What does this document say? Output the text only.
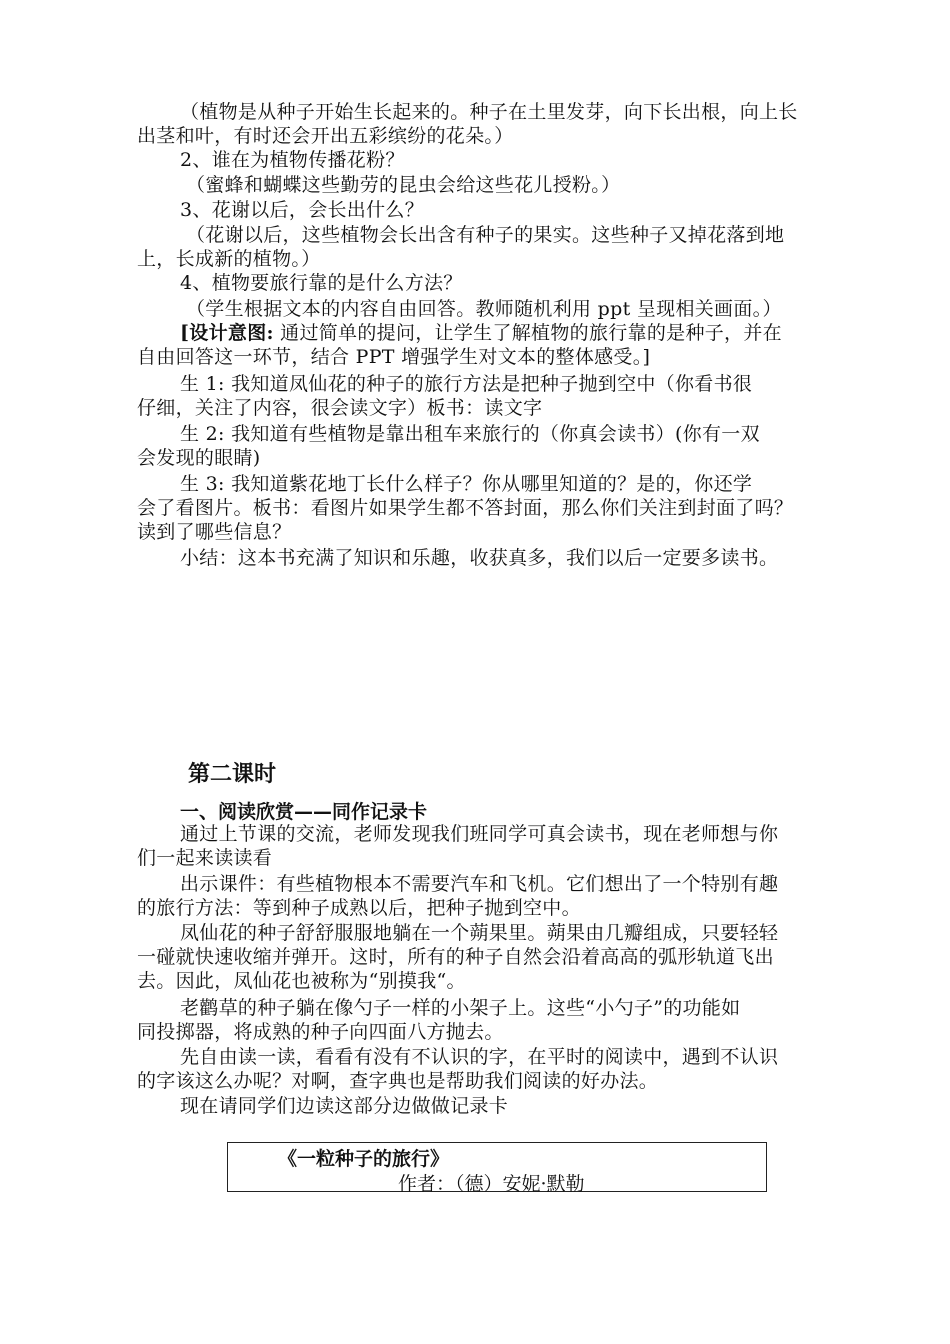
（植物是从种子开始生长起来的。种子在土里发芽，向下长出根，向上长
出茎和叶，有时还会开出五彩缤纷的花朵。）
2、谁在为植物传播花粉？
（蜜蜂和蝴蝶这些勤劳的昆虫会给这些花儿授粉。）
3、花谢以后，会长出什么？
（花谢以后，这些植物会长出含有种子的果实。这些种子又掉花落到地
上，长成新的植物。）
4、植物要旅行靠的是什么方法？
（学生根据文本的内容自由回答。教师随机利用 ppt 呈现相关画面。）
[设计意图: 通过简单的提问，让学生了解植物的旅行靠的是种子，并在
自由回答这一环节，结合 PPT 增强学生对文本的整体感受。]
生 1: 我知道凤仙花的种子的旅行方法是把种子抛到空中（你看书很
仔细，关注了内容，很会读文字）板书：读文字
生 2: 我知道有些植物是靠出租车来旅行的（你真会读书）(你有一双
会发现的眼睛)
生 3: 我知道紫花地丁长什么样子？你从哪里知道的？是的，你还学
会了看图片。板书：看图片如果学生都不答封面，那么你们关注到封面了吗？
读到了哪些信息？
小结：这本书充满了知识和乐趣，收获真多，我们以后一定要多读书。
第二课时
一、阅读欣赏——同作记录卡
通过上节课的交流，老师发现我们班同学可真会读书，现在老师想与你
们一起来读读看
出示课件：有些植物根本不需要汽车和飞机。它们想出了一个特别有趣
的旅行方法：等到种子成熟以后，把种子抛到空中。
凤仙花的种子舒舒服服地躺在一个蒴果里。蒴果由几瓣组成，只要轻轻
一碰就快速收缩并弹开。这时，所有的种子自然会沿着高高的弧形轨道飞出
去。因此，凤仙花也被称为“别摸我“。
老鹳草的种子躺在像勺子一样的小架子上。这些“小勺子”的功能如
同投掷器，将成熟的种子向四面八方抛去。
先自由读一读，看看有没有不认识的字，在平时的阅读中，遇到不认识
的字该这么办呢？对啊，查字典也是帮助我们阅读的好办法。
现在请同学们边读这部分边做做记录卡
《一粒种子的旅行》
作者：（德）安妮·默勒
